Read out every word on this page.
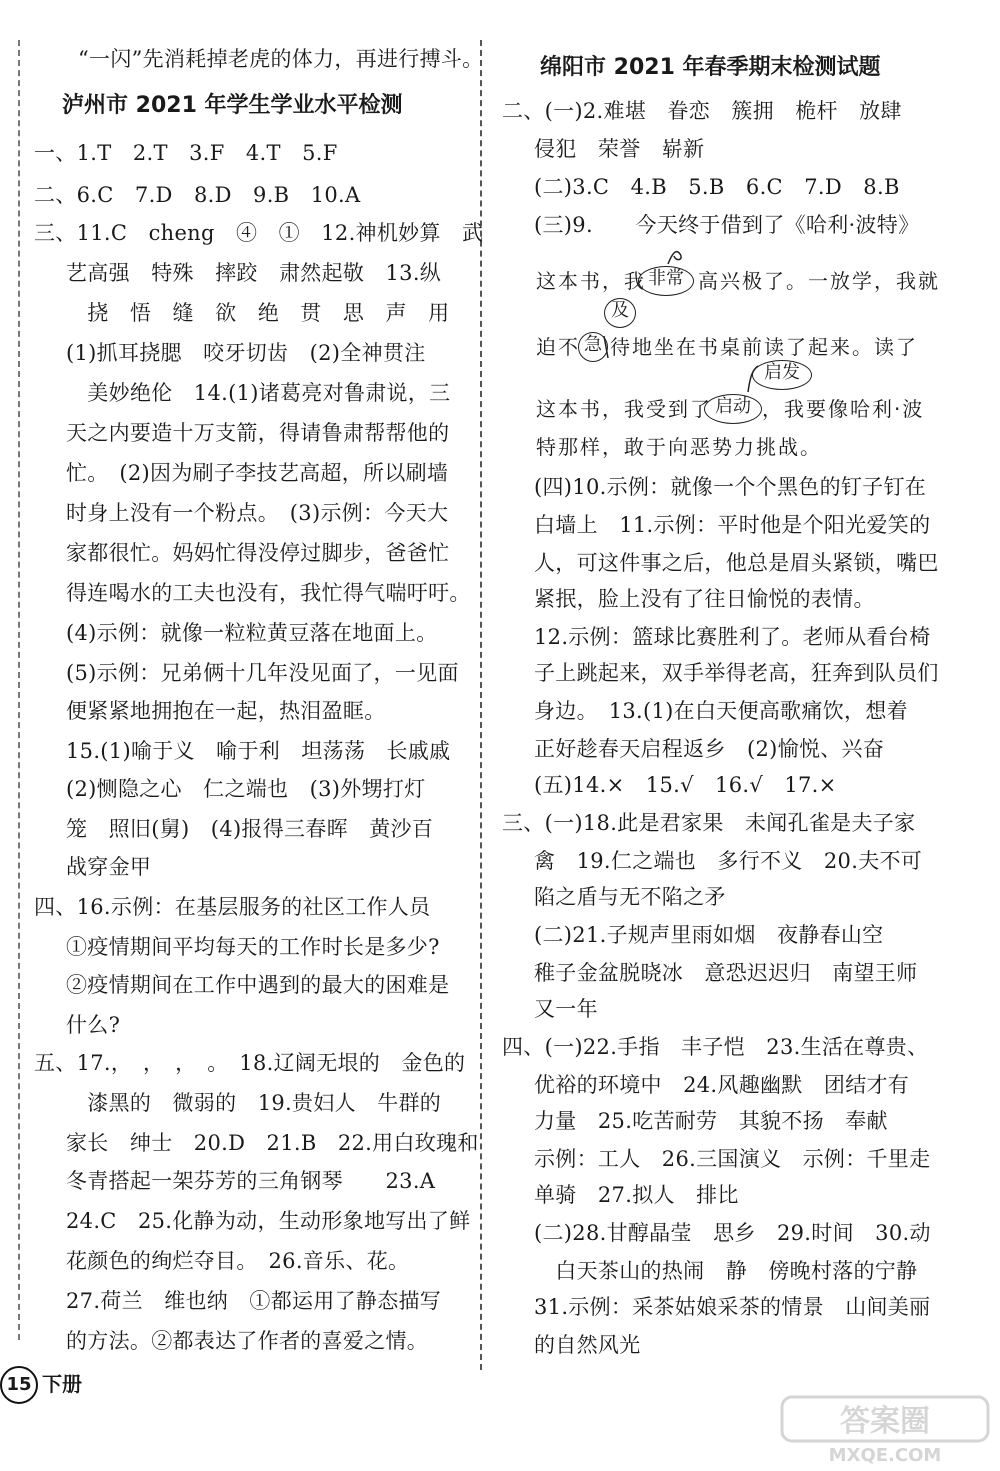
“一闪”先消耗掉老虎的体力，再进行搏斗。
泸州市 2021 年学生学业水平检测
一、1.T　2.T　3.F　4.T　5.F
二、6.C　7.D　8.D　9.B　10.A
三、11.C　cheng　④　①　12.神机妙算　武
艺高强　特殊　摔跤　肃然起敬　13.纵
　挠　悟　缝　欲　绝　贯　思　声　用
(1)抓耳挠腮　咬牙切齿　(2)全神贯注
　美妙绝伦　14.(1)诸葛亮对鲁肃说，三
天之内要造十万支箭，得请鲁肃帮帮他的
忙。　(2)因为刷子李技艺高超，所以刷墙
时身上没有一个粉点。　(3)示例：今天大
家都很忙。妈妈忙得没停过脚步，爸爸忙
得连喝水的工夫也没有，我忙得气喘吁吁。
(4)示例：就像一粒粒黄豆落在地面上。
(5)示例：兄弟俩十几年没见面了，一见面
便紧紧地拥抱在一起，热泪盈眶。
15.(1)喻于义　喻于利　坦荡荡　长戚戚
(2)恻隐之心　仁之端也　(3)外甥打灯
笼　照旧(舅)　(4)报得三春晖　黄沙百
战穿金甲
四、16.示例：在基层服务的社区工作人员
①疫情期间平均每天的工作时长是多少?
②疫情期间在工作中遇到的最大的困难是
什么?
五、17.，　，　，　。　18.辽阔无垠的　金色的
　漆黑的　微弱的　19.贵妇人　牛群的
家长　绅士　20.D　21.B　22.用白玫瑰和
冬青搭起一架芬芳的三角钢琴　　23.A
24.C　25.化静为动，生动形象地写出了鲜
花颜色的绚烂夺目。　26.音乐、花。
27.荷兰　维也纳　①都运用了静态描写
的方法。②都表达了作者的喜爱之情。
绵阳市 2021 年春季期末检测试题
二、(一)2.难堪　眷恋　簇拥　桅杆　放肆
侵犯　荣誉　崭新
(二)3.C　4.B　5.B　6.C　7.D　8.B
(三)9.　　今天终于借到了《哈利·波特》
这本书，我 非常 高兴极了。一放学，我就
及
迫不 急 待地坐在书桌前读了起来。读了
启发
这本书，我受到了 启动 ，我要像哈利·波
特那样，敢于向恶势力挑战。
(四)10.示例：就像一个个黑色的钉子钉在
白墙上　11.示例：平时他是个阳光爱笑的
人，可这件事之后，他总是眉头紧锁，嘴巴
紧抿，脸上没有了往日愉悦的表情。
12.示例：篮球比赛胜利了。老师从看台椅
子上跳起来，双手举得老高，狂奔到队员们
身边。　13.(1)在白天便高歌痛饮，想着
正好趁春天启程返乡　(2)愉悦、兴奋
(五)14.×　15.√　16.√　17.×
三、(一)18.此是君家果　未闻孔雀是夫子家
禽　19.仁之端也　多行不义　20.夫不可
陷之盾与无不陷之矛
(二)21.子规声里雨如烟　夜静春山空
稚子金盆脱晓冰　意恐迟迟归　南望王师
又一年
四、(一)22.手指　丰子恺　23.生活在尊贵、
优裕的环境中　24.风趣幽默　团结才有
力量　25.吃苦耐劳　其貌不扬　奉献
示例：工人　26.三国演义　示例：千里走
单骑　27.拟人　排比
(二)28.甘醇晶莹　思乡　29.时间　30.动
　白天茶山的热闹　静　傍晚村落的宁静
31.示例：采茶姑娘采茶的情景　山间美丽
的自然风光
15 下册
答案圈
MXQE.COM
